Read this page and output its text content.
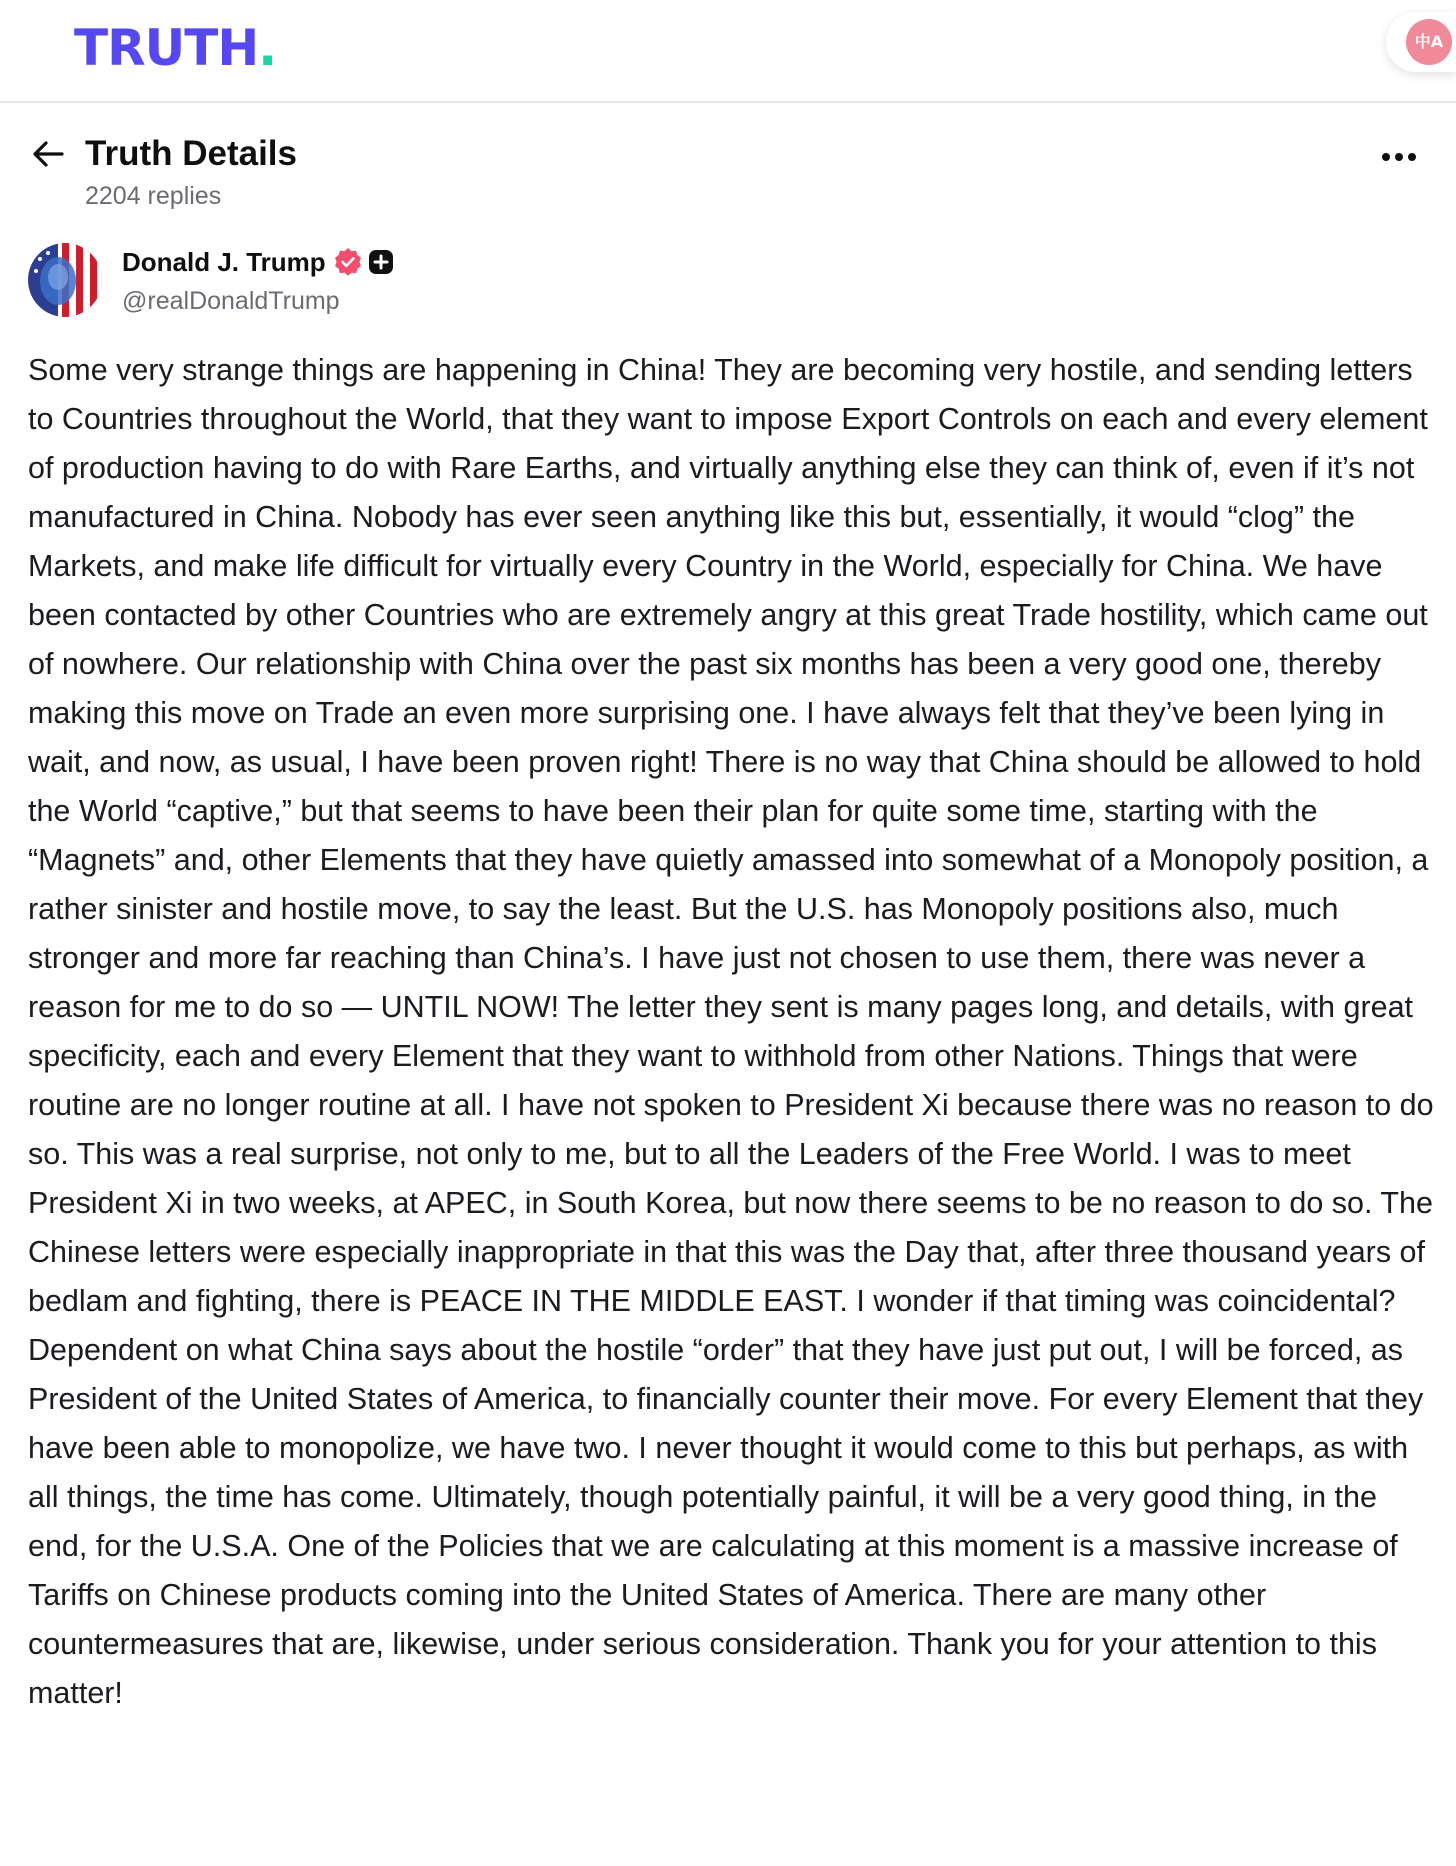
TRUTH.	中A
Truth Details
2204 replies
Donald J. Trump
@realDonaldTrump

Some very strange things are happening in China! They are becoming very hostile, and sending letters to Countries throughout the World, that they want to impose Export Controls on each and every element of production having to do with Rare Earths, and virtually anything else they can think of, even if it’s not manufactured in China. Nobody has ever seen anything like this but, essentially, it would “clog” the Markets, and make life difficult for virtually every Country in the World, especially for China. We have been contacted by other Countries who are extremely angry at this great Trade hostility, which came out of nowhere. Our relationship with China over the past six months has been a very good one, thereby making this move on Trade an even more surprising one. I have always felt that they’ve been lying in wait, and now, as usual, I have been proven right! There is no way that China should be allowed to hold the World “captive,” but that seems to have been their plan for quite some time, starting with the “Magnets” and, other Elements that they have quietly amassed into somewhat of a Monopoly position, a rather sinister and hostile move, to say the least. But the U.S. has Monopoly positions also, much stronger and more far reaching than China’s. I have just not chosen to use them, there was never a reason for me to do so — UNTIL NOW! The letter they sent is many pages long, and details, with great specificity, each and every Element that they want to withhold from other Nations. Things that were routine are no longer routine at all. I have not spoken to President Xi because there was no reason to do so. This was a real surprise, not only to me, but to all the Leaders of the Free World. I was to meet President Xi in two weeks, at APEC, in South Korea, but now there seems to be no reason to do so. The Chinese letters were especially inappropriate in that this was the Day that, after three thousand years of bedlam and fighting, there is PEACE IN THE MIDDLE EAST. I wonder if that timing was coincidental? Dependent on what China says about the hostile “order” that they have just put out, I will be forced, as President of the United States of America, to financially counter their move. For every Element that they have been able to monopolize, we have two. I never thought it would come to this but perhaps, as with all things, the time has come. Ultimately, though potentially painful, it will be a very good thing, in the end, for the U.S.A. One of the Policies that we are calculating at this moment is a massive increase of Tariffs on Chinese products coming into the United States of America. There are many other countermeasures that are, likewise, under serious consideration. Thank you for your attention to this matter!
